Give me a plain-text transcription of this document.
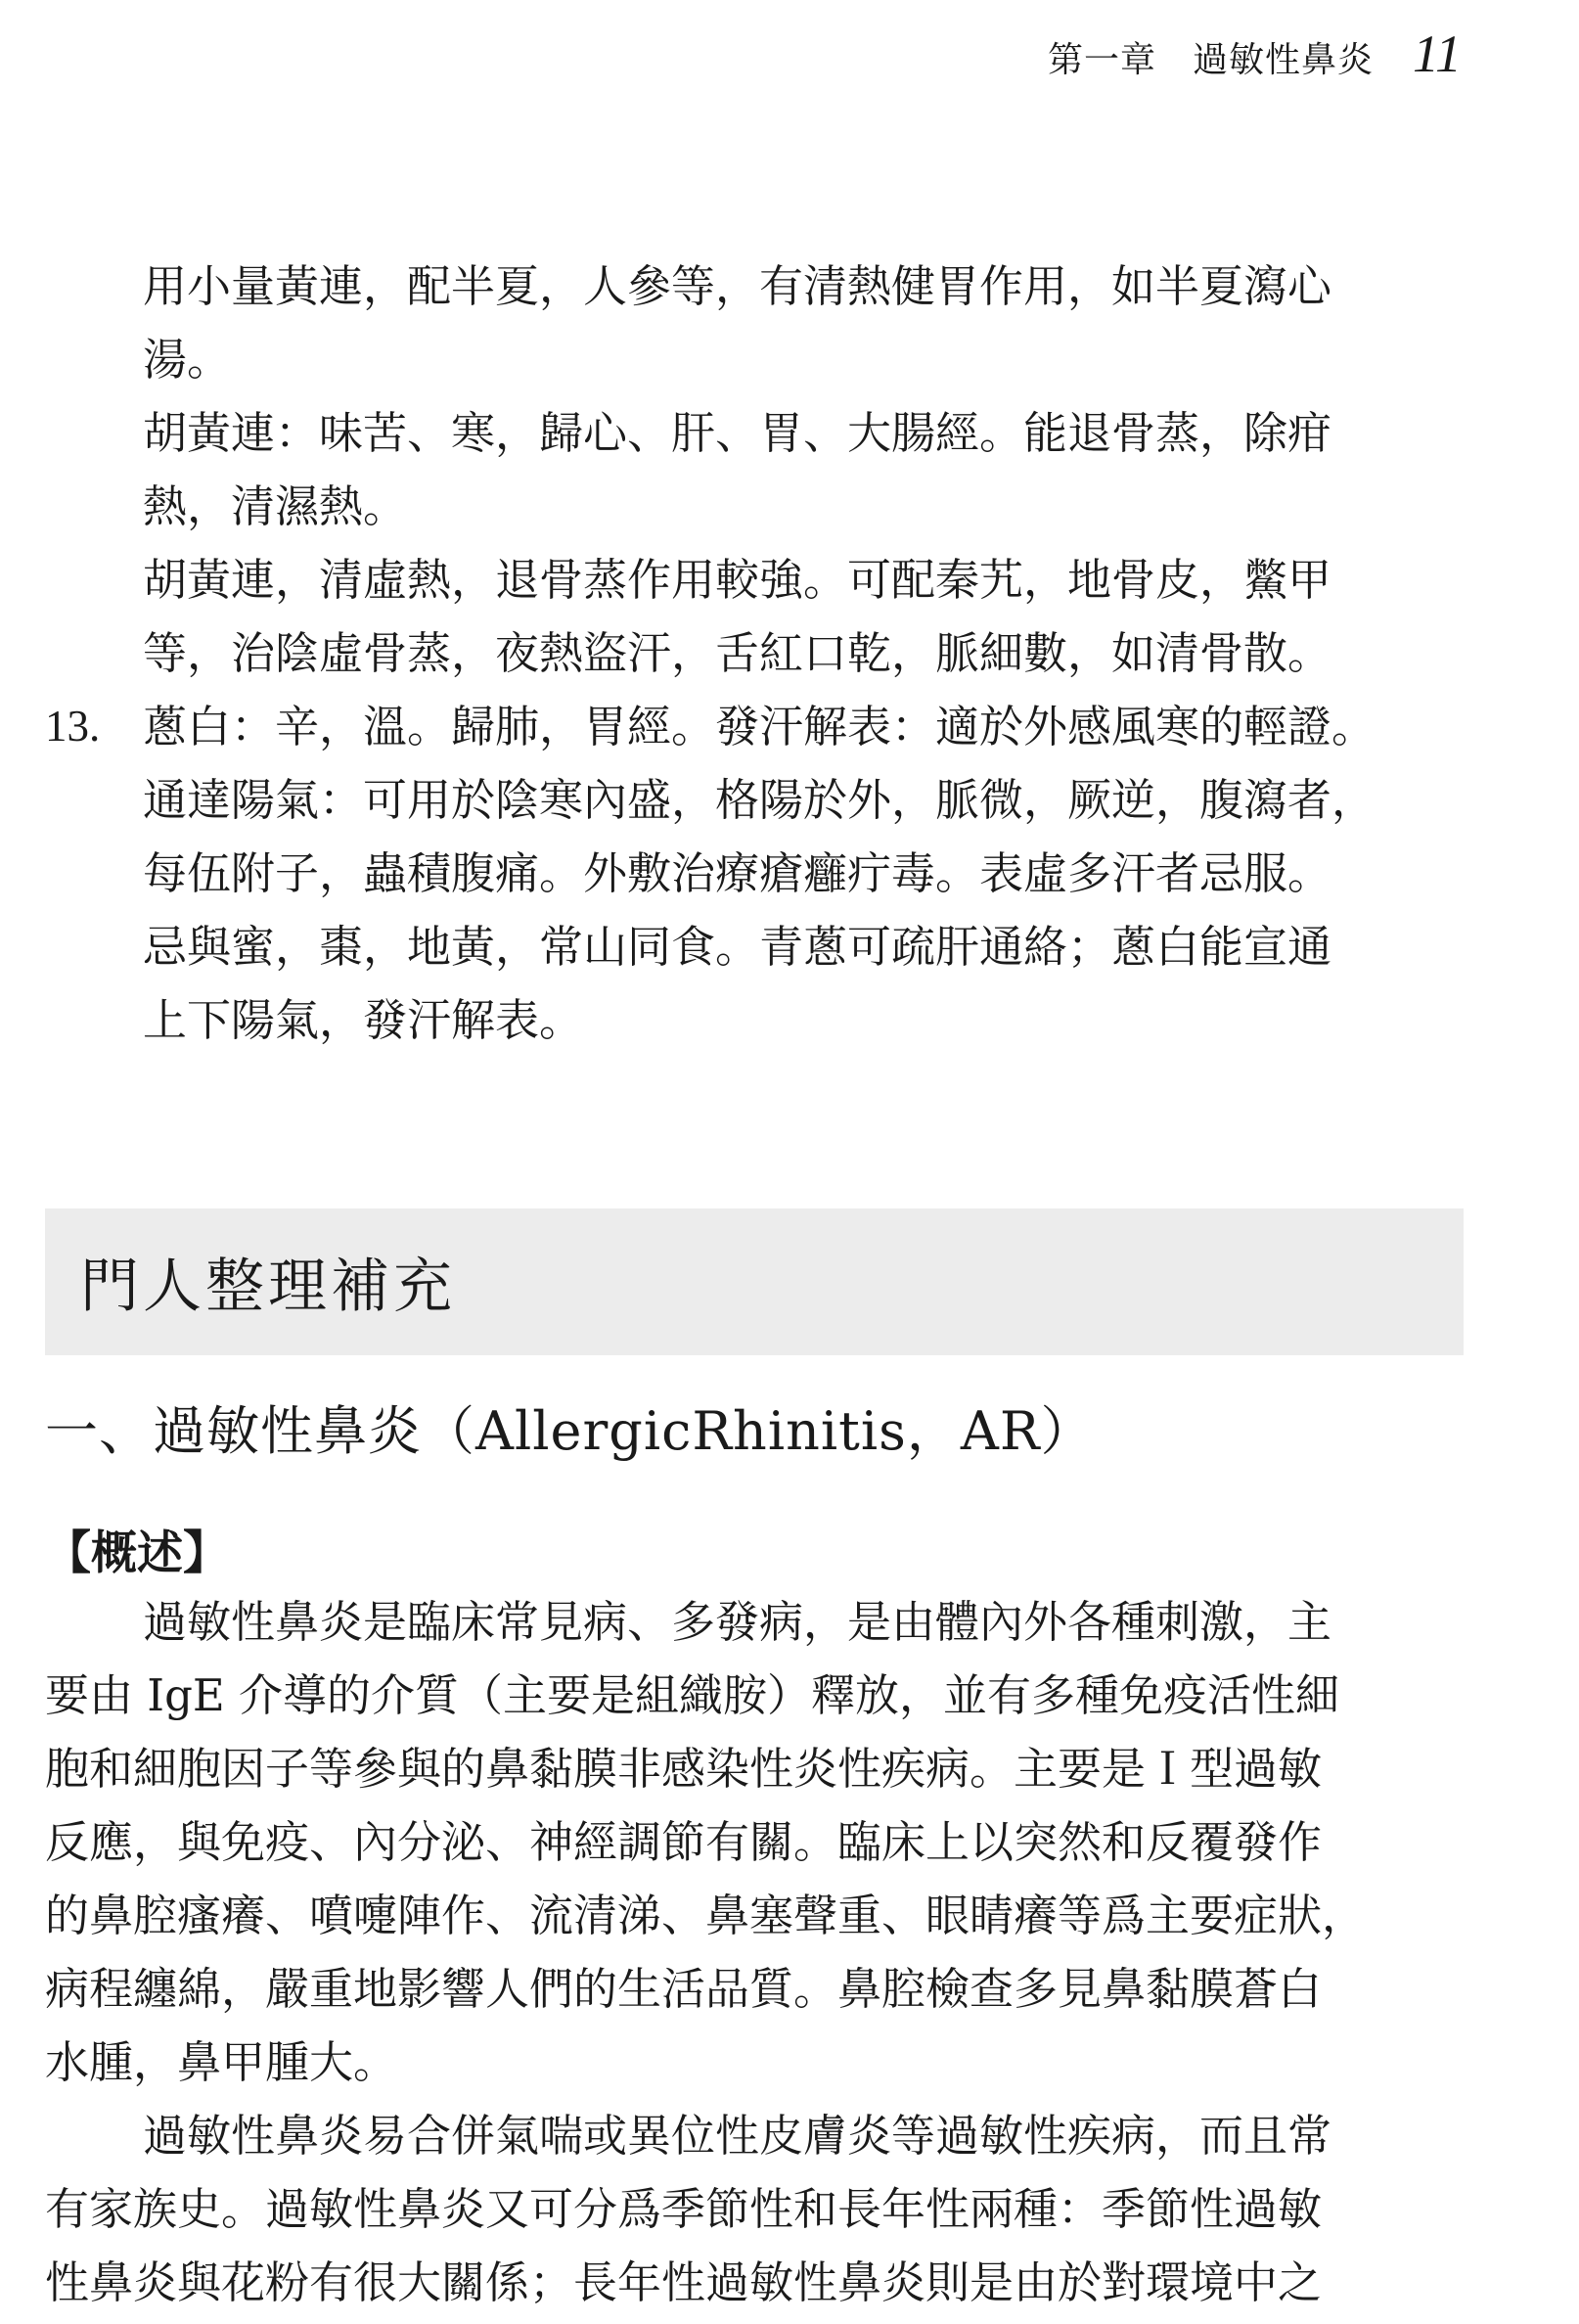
第一章　過敏性鼻炎 11

用小量黃連，配半夏，人參等，有清熱健胃作用，如半夏瀉心

湯。

胡黃連：味苦、寒，歸心、肝、胃、大腸經。能退骨蒸，除疳

熱，清濕熱。

胡黃連，清虛熱，退骨蒸作用較強。可配秦艽，地骨皮，鱉甲

等，治陰虛骨蒸，夜熱盜汗，舌紅口乾，脈細數，如清骨散。

13. 蔥白：辛，溫。歸肺，胃經。發汗解表：適於外感風寒的輕證。

通達陽氣：可用於陰寒內盛，格陽於外，脈微，厥逆，腹瀉者，

每伍附子，蟲積腹痛。外敷治療瘡癰疔毒。表虛多汗者忌服。

忌與蜜，棗，地黃，常山同食。青蔥可疏肝通絡；蔥白能宣通

上下陽氣，發汗解表。

門人整理補充
一、過敏性鼻炎（AllergicRhinitis，AR）
【概述】

過敏性鼻炎是臨床常見病、多發病，是由體內外各種刺激，主

要由 IgE 介導的介質（主要是組織胺）釋放，並有多種免疫活性細

胞和細胞因子等參與的鼻黏膜非感染性炎性疾病。主要是Ｉ型過敏

反應，與免疫、內分泌、神經調節有關。臨床上以突然和反覆發作

的鼻腔瘙癢、噴嚏陣作、流清涕、鼻塞聲重、眼睛癢等爲主要症狀，

病程纏綿，嚴重地影響人們的生活品質。鼻腔檢查多見鼻黏膜蒼白

水腫，鼻甲腫大。

過敏性鼻炎易合併氣喘或異位性皮膚炎等過敏性疾病，而且常

有家族史。過敏性鼻炎又可分爲季節性和長年性兩種：季節性過敏

性鼻炎與花粉有很大關係；長年性過敏性鼻炎則是由於對環境中之
